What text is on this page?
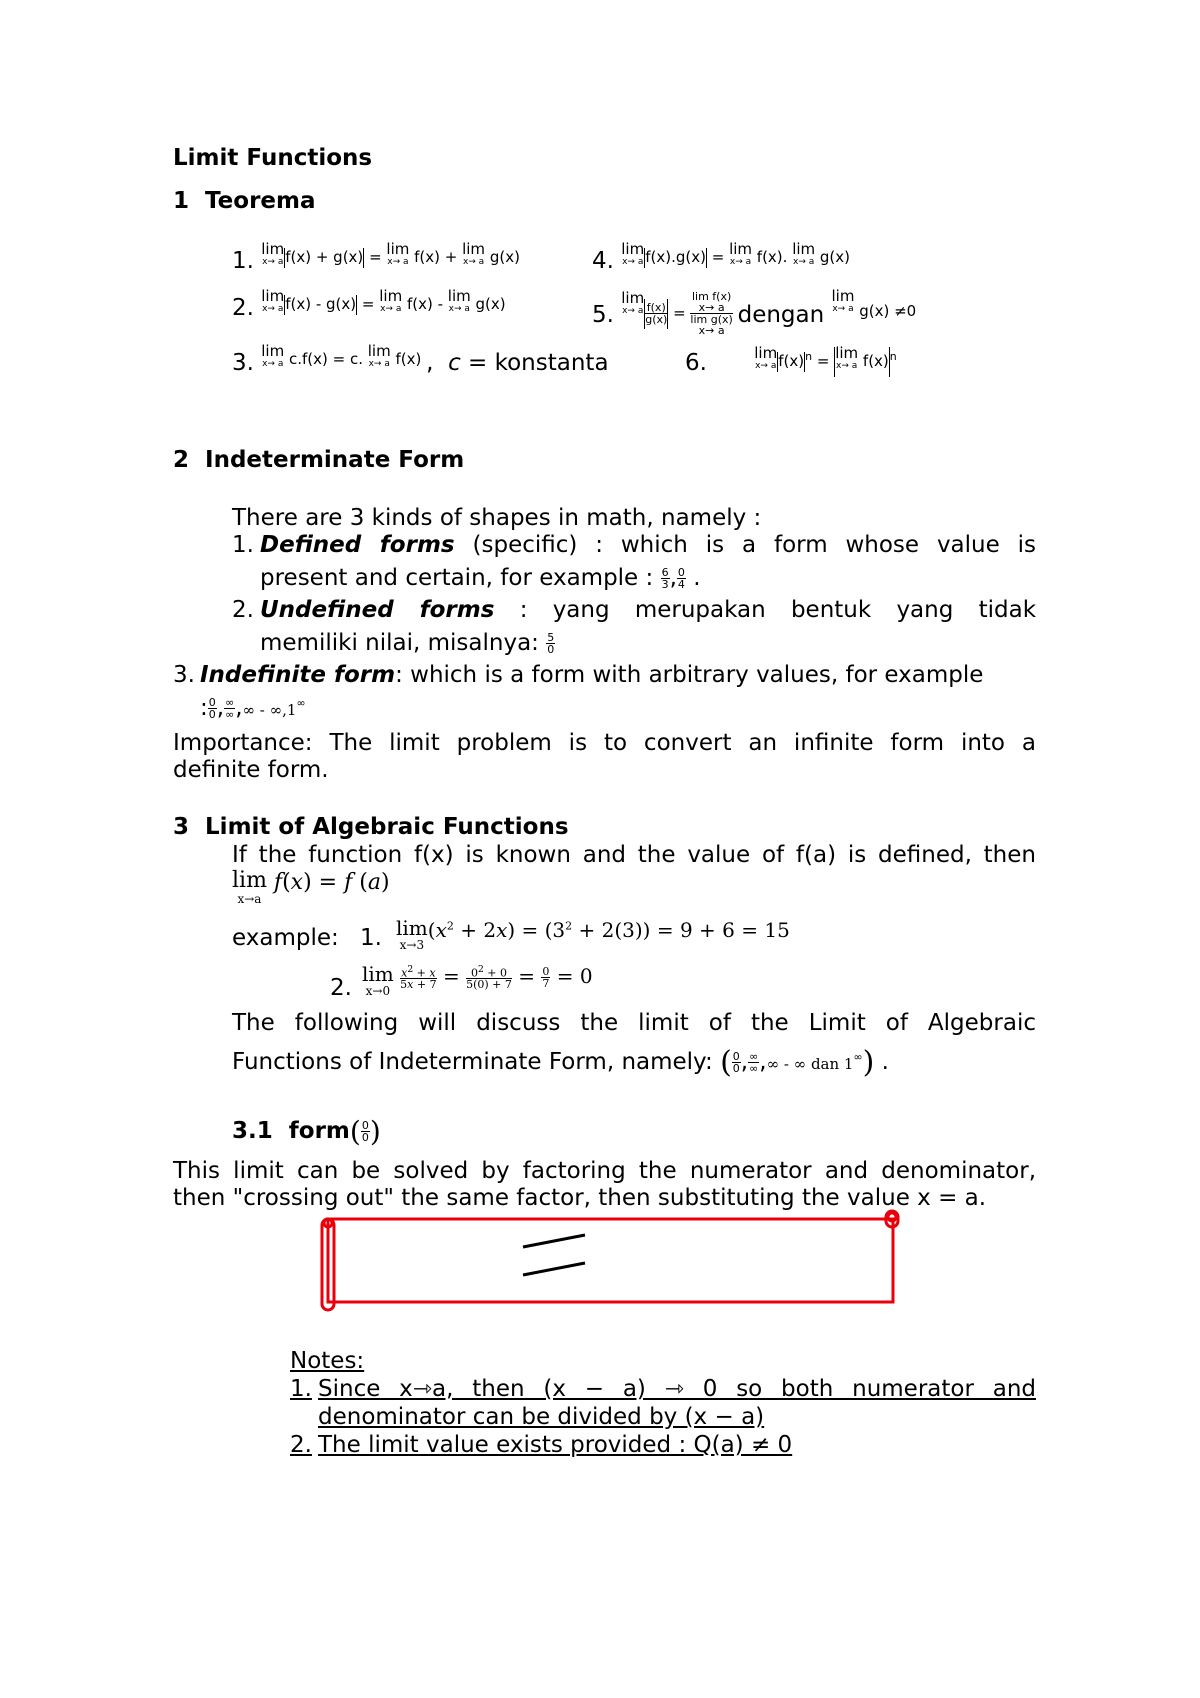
Limit Functions
1 Teorema
1. $^{lim x\to a f(x) + g(x) = lim x\to a f(x) + lim x\to a g(x)}$	4. $^{lim x\to a f(x).g(x) = lim x\to a f(x). lim x\to a g(x)}$
2. $^{lim x\to a f(x) - g(x) = lim x\to a f(x) - lim x\to a g(x)}$	5. lim
x→ a $\frac{f(x)}{g(x)}$ =
lim f(x)
x→ a
lim g(x)
x→ a
dengan $^{lim x\to a g(x) \ne 0}$
3. $^{lim x\to a c.f(x) = c. lim x\to a f(x)}$ ,  c = konstanta	6.	lim
x→ a $f(x)^n = \lim$
x→ a $f(x)^n$
2 Indeterminate Form
There are 3 kinds of shapes in math, namely :
1. Defined forms (specific) : which is a form whose value is
present and certain, for example : $\frac{6}{3}$ , $\frac{0}{4}$ .
2. Undefined forms : yang merupakan bentuk yang tidak
memiliki nilai, misalnya: $\frac{5}{0}$
3. Indefinite form: which is a form with arbitrary values, for example
: $\frac{0}{0}$ , $\frac{\infty}{\infty}$ ,∞ - ∞,1∞
Importance: The limit problem is to convert an infinite form into a
definite form.
3 Limit of Algebraic Functions
If the function f(x) is known and the value of f(a) is defined, then
lim
x→a
f(x) = f (a)
example: 1. lim
x→3
$(x^2 + 2x) = (3^2 + 2(3)) = 9 + 6 = 15$
2.
lim
x→0

$\frac{x^2 + x}{5x + 7} = \frac{0^2 + 0}{5(0) + 7} = \frac{0}{7} = 0$
The following will discuss the limit of the Limit of Algebraic
Functions of Indeterminate Form, namely: ( $\frac{0}{0}$ , $\frac{\infty}{\infty}$ ,∞ - ∞ dan 1∞) .
3.1 form( $\frac{0}{0}$ )
This limit can be solved by factoring the numerator and denominator,
then "crossing out" the same factor, then substituting the value x = a.
Notes:
1. Since x⇾a, then (x − a) ⇾ 0 so both numerator and
denominator can be divided by (x − a)
2. The limit value exists provided : Q(a) ≠ 0
